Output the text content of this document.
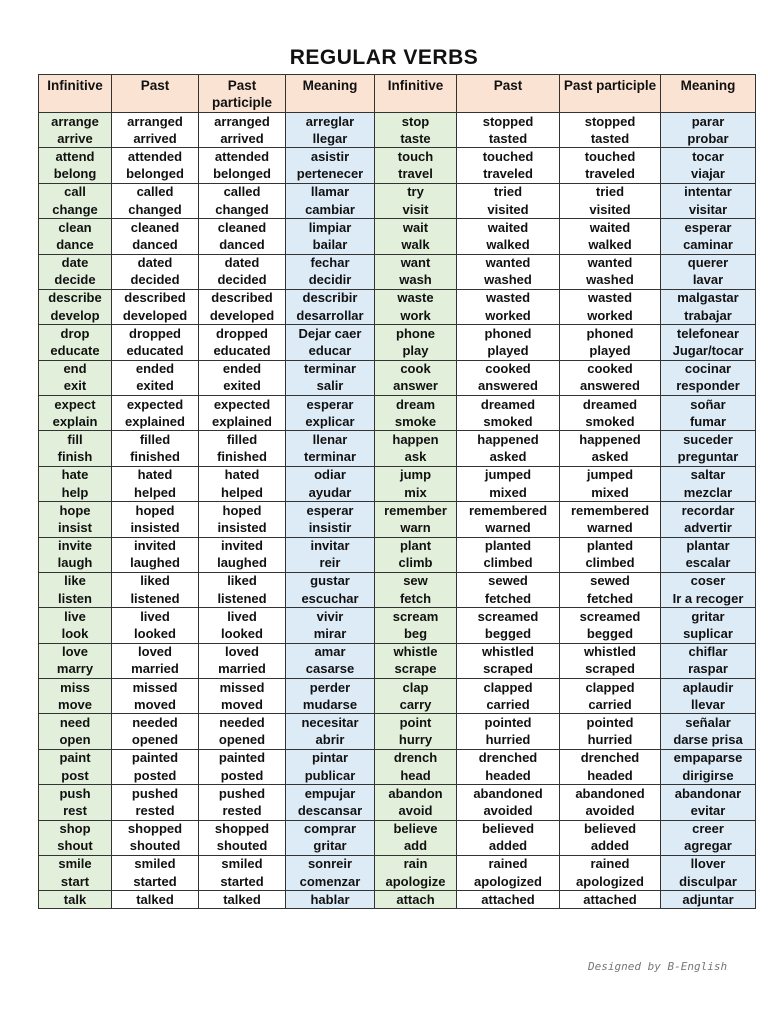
REGULAR VERBS
Infinitive	Past	Past participle	Meaning	Infinitive	Past	Past participle	Meaning
arrange	arranged	arranged	arreglar	stop	stopped	stopped	parar
arrive	arrived	arrived	llegar	taste	tasted	tasted	probar
attend	attended	attended	asistir	touch	touched	touched	tocar
belong	belonged	belonged	pertenecer	travel	traveled	traveled	viajar
call	called	called	llamar	try	tried	tried	intentar
change	changed	changed	cambiar	visit	visited	visited	visitar
clean	cleaned	cleaned	limpiar	wait	waited	waited	esperar
dance	danced	danced	bailar	walk	walked	walked	caminar
date	dated	dated	fechar	want	wanted	wanted	querer
decide	decided	decided	decidir	wash	washed	washed	lavar
describe	described	described	describir	waste	wasted	wasted	malgastar
develop	developed	developed	desarrollar	work	worked	worked	trabajar
drop	dropped	dropped	Dejar caer	phone	phoned	phoned	telefonear
educate	educated	educated	educar	play	played	played	Jugar/tocar
end	ended	ended	terminar	cook	cooked	cooked	cocinar
exit	exited	exited	salir	answer	answered	answered	responder
expect	expected	expected	esperar	dream	dreamed	dreamed	soñar
explain	explained	explained	explicar	smoke	smoked	smoked	fumar
fill	filled	filled	llenar	happen	happened	happened	suceder
finish	finished	finished	terminar	ask	asked	asked	preguntar
hate	hated	hated	odiar	jump	jumped	jumped	saltar
help	helped	helped	ayudar	mix	mixed	mixed	mezclar
hope	hoped	hoped	esperar	remember	remembered	remembered	recordar
insist	insisted	insisted	insistir	warn	warned	warned	advertir
invite	invited	invited	invitar	plant	planted	planted	plantar
laugh	laughed	laughed	reir	climb	climbed	climbed	escalar
like	liked	liked	gustar	sew	sewed	sewed	coser
listen	listened	listened	escuchar	fetch	fetched	fetched	Ir a recoger
live	lived	lived	vivir	scream	screamed	screamed	gritar
look	looked	looked	mirar	beg	begged	begged	suplicar
love	loved	loved	amar	whistle	whistled	whistled	chiflar
marry	married	married	casarse	scrape	scraped	scraped	raspar
miss	missed	missed	perder	clap	clapped	clapped	aplaudir
move	moved	moved	mudarse	carry	carried	carried	llevar
need	needed	needed	necesitar	point	pointed	pointed	señalar
open	opened	opened	abrir	hurry	hurried	hurried	darse prisa
paint	painted	painted	pintar	drench	drenched	drenched	empaparse
post	posted	posted	publicar	head	headed	headed	dirigirse
push	pushed	pushed	empujar	abandon	abandoned	abandoned	abandonar
rest	rested	rested	descansar	avoid	avoided	avoided	evitar
shop	shopped	shopped	comprar	believe	believed	believed	creer
shout	shouted	shouted	gritar	add	added	added	agregar
smile	smiled	smiled	sonreir	rain	rained	rained	llover
start	started	started	comenzar	apologize	apologized	apologized	disculpar
talk	talked	talked	hablar	attach	attached	attached	adjuntar
Designed by B-English
